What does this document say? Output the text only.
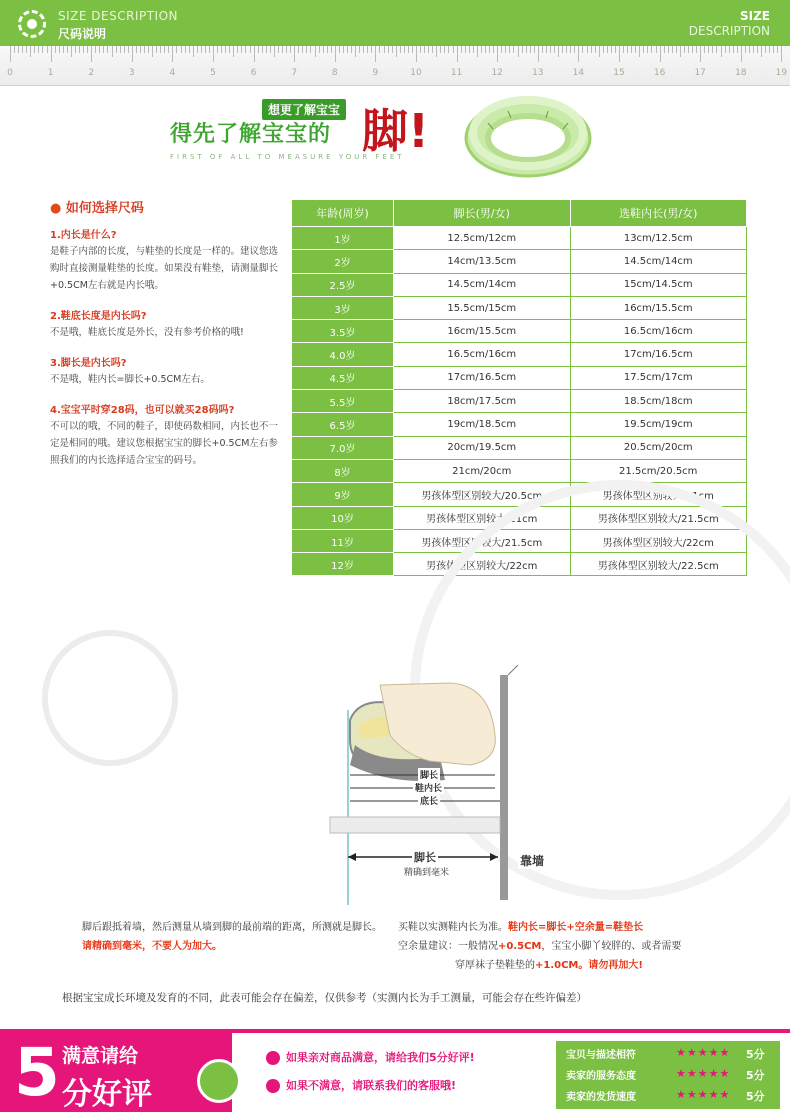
SIZE DESCRIPTION
尺码说明
SIZE
DESCRIPTION
0	1	2	3	4	5	6	7	8	9	10	11	12	13	14	15	16	17	18	19
想更了解宝宝
得先了解宝宝的 脚!
FIRST OF ALL TO MEASURE YOUR FEET
● 如何选择尺码
1.内长是什么?
是鞋子内部的长度，与鞋垫的长度是一样的。建议您选购时直接测量鞋垫的长度。如果没有鞋垫，请测量脚长+0.5CM左右就是内长哦。
2.鞋底长度是内长吗?
不是哦，鞋底长度是外长，没有参考价格的哦!
3.脚长是内长吗?
不是哦，鞋内长=脚长+0.5CM左右。
4.宝宝平时穿28码，也可以就买28码吗?
不可以的哦，不同的鞋子，即使码数相同，内长也不一定是相同的哦。建议您根据宝宝的脚长+0.5CM左右参照我们的内长选择适合宝宝的码号。
年龄(周岁)	脚长(男/女)	选鞋内长(男/女)
1岁	12.5cm/12cm	13cm/12.5cm
2岁	14cm/13.5cm	14.5cm/14cm
2.5岁	14.5cm/14cm	15cm/14.5cm
3岁	15.5cm/15cm	16cm/15.5cm
3.5岁	16cm/15.5cm	16.5cm/16cm
4.0岁	16.5cm/16cm	17cm/16.5cm
4.5岁	17cm/16.5cm	17.5cm/17cm
5.5岁	18cm/17.5cm	18.5cm/18cm
6.5岁	19cm/18.5cm	19.5cm/19cm
7.0岁	20cm/19.5cm	20.5cm/20cm
8岁	21cm/20cm	21.5cm/20.5cm
9岁	男孩体型区别较大/20.5cm	男孩体型区别较大/21cm
10岁	男孩体型区别较大/21cm	男孩体型区别较大/21.5cm
11岁	男孩体型区别较大/21.5cm	男孩体型区别较大/22cm
12岁	男孩体型区别较大/22cm	男孩体型区别较大/22.5cm
脚长
鞋内长
底长
脚长
精确到毫米
靠墙
脚后跟抵着墙，然后测量从墙到脚的最前端的距离，所测就是脚长。请精确到毫米，不要人为加大。
买鞋以实测鞋内长为准。鞋内长=脚长+空余量=鞋垫长
空余量建议：一般情况+0.5CM，宝宝小脚丫较胖的、或者需要
穿厚袜子垫鞋垫的+1.0CM。请勿再加大!
根据宝宝成长环境及发育的不同，此表可能会存在偏差，仅供参考（实测内长为手工测量，可能会存在些许偏差）
5 满意请给
分好评
如果亲对商品满意，请给我们5分好评!
如果不满意，请联系我们的客服哦!
宝贝与描述相符	★★★★★ 5分
卖家的服务态度	★★★★★ 5分
卖家的发货速度	★★★★★ 5分
